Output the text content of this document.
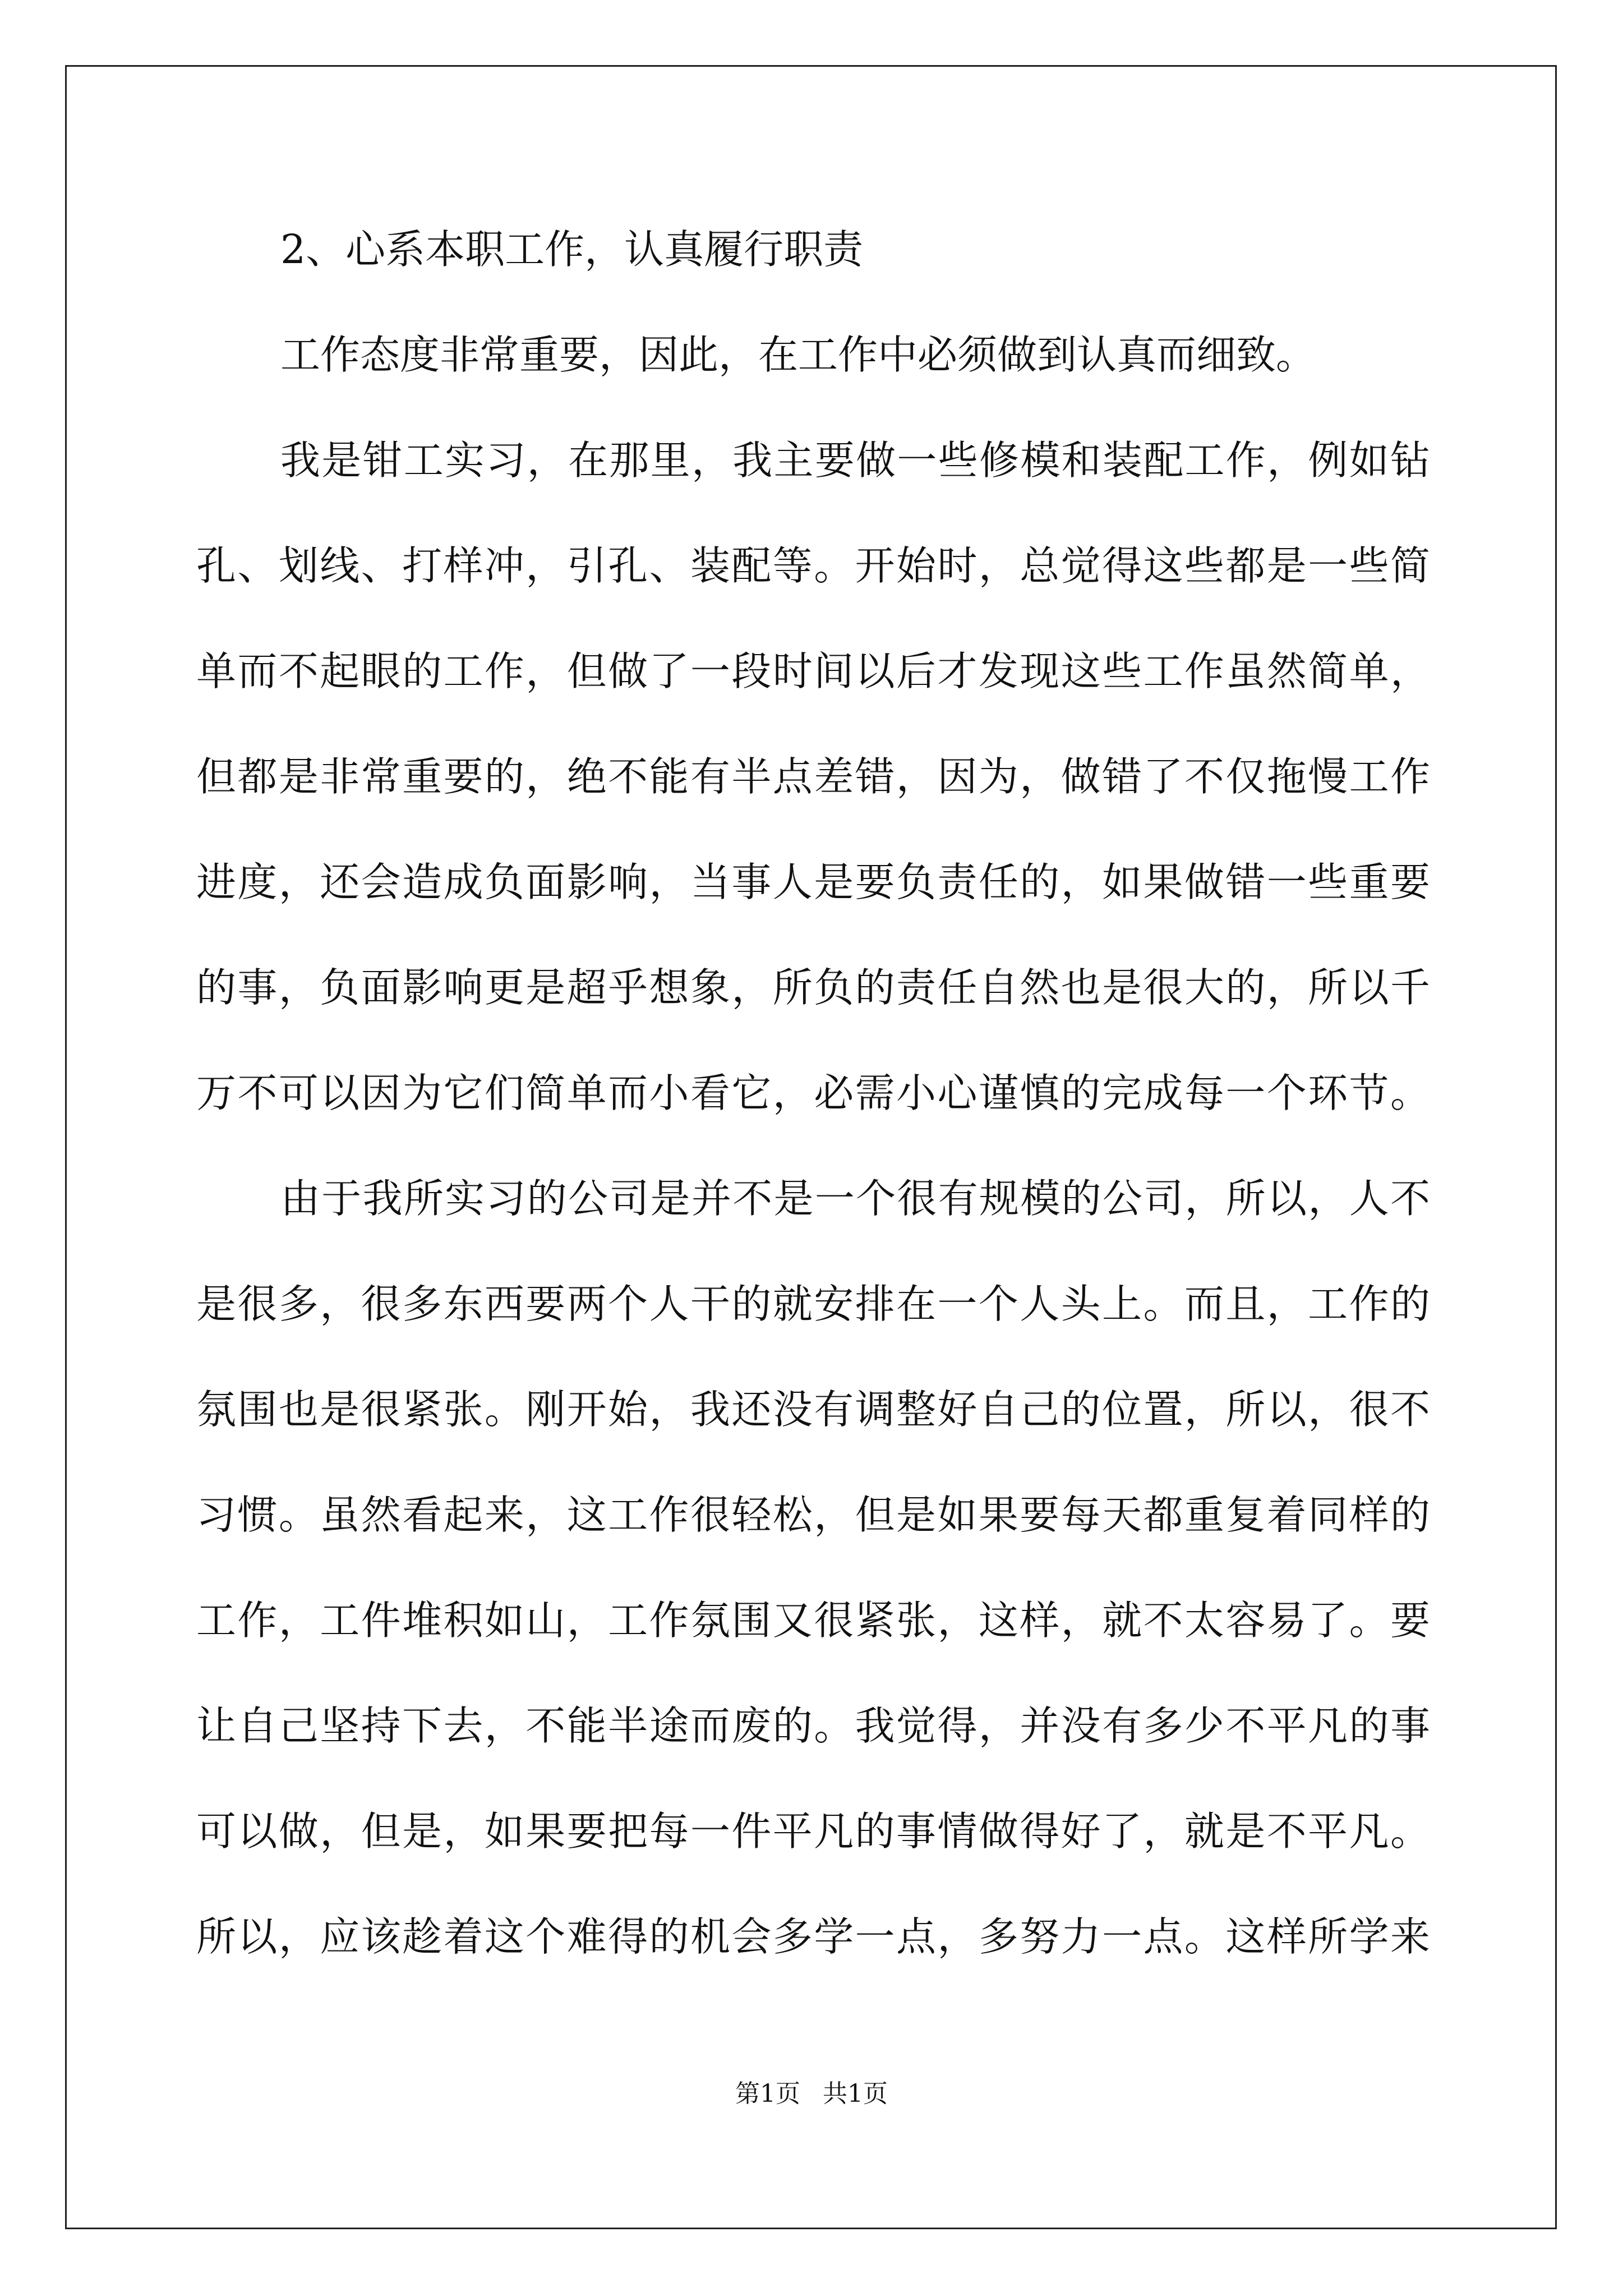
2、心系本职工作，认真履行职责
工作态度非常重要，因此，在工作中必须做到认真而细致。
我是钳工实习，在那里，我主要做一些修模和装配工作，例如钻
孔、划线、打样冲，引孔、装配等。开始时，总觉得这些都是一些简
单而不起眼的工作，但做了一段时间以后才发现这些工作虽然简单，
但都是非常重要的，绝不能有半点差错，因为，做错了不仅拖慢工作
进度，还会造成负面影响，当事人是要负责任的，如果做错一些重要
的事，负面影响更是超乎想象，所负的责任自然也是很大的，所以千
万不可以因为它们简单而小看它，必需小心谨慎的完成每一个环节。
由于我所实习的公司是并不是一个很有规模的公司，所以，人不
是很多，很多东西要两个人干的就安排在一个人头上。而且，工作的
氛围也是很紧张。刚开始，我还没有调整好自己的位置，所以，很不
习惯。虽然看起来，这工作很轻松，但是如果要每天都重复着同样的
工作，工件堆积如山，工作氛围又很紧张，这样，就不太容易了。要
让自己坚持下去，不能半途而废的。我觉得，并没有多少不平凡的事
可以做，但是，如果要把每一件平凡的事情做得好了，就是不平凡。
所以，应该趁着这个难得的机会多学一点，多努力一点。这样所学来
第1页 共1页
